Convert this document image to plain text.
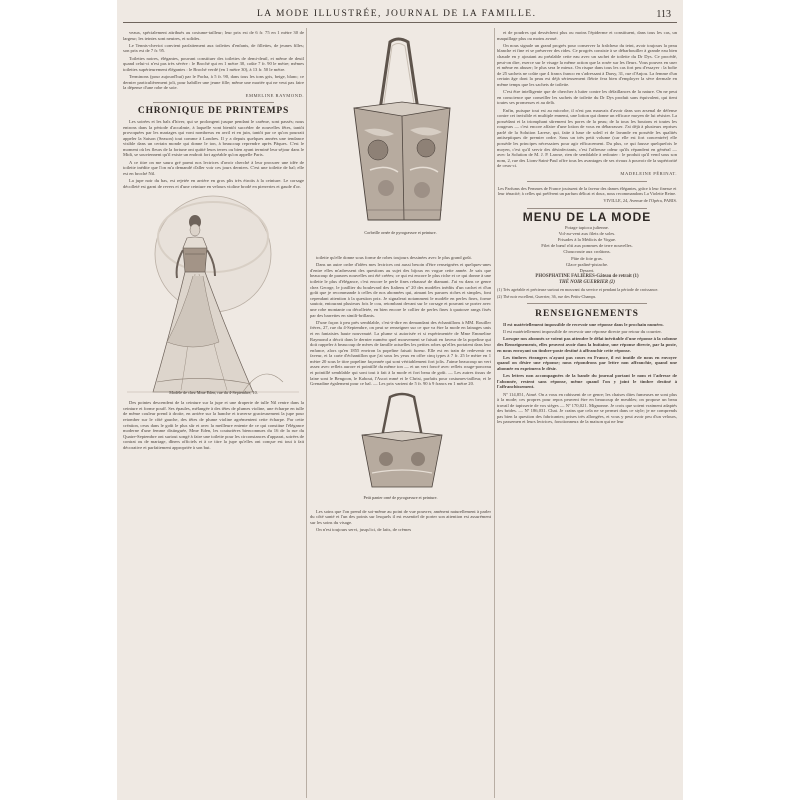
LA MODE ILLUSTRÉE, JOURNAL DE LA FAMILLE.	113

veaux, spécialement attribués au costume-tailleur; leur prix est de 6 fr. 75 en 1 mètre 30 de largeur; les teintes sont neutres, et solides.

Le Tennis-cheviot convient parfaitement aux toilettes d'enfants, de fillettes, de jeunes filles; son prix est de 7 fr. 95.

Toilettes noires, élégantes, pouvant constituer des toilettes de demi-deuil, et même de deuil quand celui-ci n'est pas très sévère : le Broché qui en 1 mètre 30, coûte 7 fr. 90 le mètre; mêmes toilettes supérieurement élégantes : le Broché verdé (en 1 mètre 30), à 13 fr. 50 le mètre.

Terminons (pour aujourd'hui) par le Pacha, à 5 fr. 90, dans tous les tons gris, beige, blanc; ce dernier particulièrement joli, pour habiller une jeune fille; même une mariée qui ne veut pas faire la dépense d'une robe de soie.

EMMELINE RAYMOND.
CHRONIQUE DE PRINTEMPS

Les soirées et les bals d'hiver, qui se prolongent jusque pendant le carême, sont passés; nous entrons dans la période d'accalmie, à laquelle vont bientôt succéder de nouvelles fêtes, tantôt provoquées par les mariages qui vont nombreux en avril et en juin, tantôt par ce qu'on pourrait appeler la Saison (Season) tout comme à Londres. Il y a depuis quelques années une tendance visible dans un certain monde qui donne le ton, à beaucoup reprendre après Pâques. C'est le moment où les fleurs de la fortune ont quitté leurs terres ou bien ayant terminé leur séjour dans le Midi, se souviennent qu'il existe un endroit fort agréable qu'on appelle Paris.

A ce titre on me saura gré parmi nos lectrices d'avoir cherché à leur procurer une idée de toilette inédite que l'on m'a demandé d'aller voir ces jours derniers. C'est une toilette de bal; elle est en broché Nil.

La jupe noir du bas, est rejetée en arrière en gros plis très étroits à la ceinture. Le corsage décolleté est garni de revers et d'une ceinture en velours violine brodé en pierreries et gaude d'or.

Modèle de chez Mme Eden, rue du 4-Septembre, 10.

Des pointes descendent de la ceinture sur la jupe et une draperie de tulle Nil rentre dans la ceinture et forme pouff. Ses épaules, mélangée à des têtes de plumes violine, une écharpe en tulle de même couleur prend à droite, en arrière sur la hanche et traverse gracieusement la jupe pour retomber sur le côté gauche, des têtes de plume violine agrémentent cette écharpe. Par cette création, ceux dans le goût le plus sûr et avec la meilleure entente de ce qui constitue l'élégance moderne d'une femme distinguée, Mme Eden, les couturières bienconnues du 16 de la rue du Quatre-Septembre ont surtout songé à faire une toilette pour les circonstances d'apparat, soirées de contrat ou de mariage, dîners officiels et à ce titre la jupe qu'elles ont conçue est tout à fait décorative et parfaitement appropriée à son but.

Corbeille ornée de pyrogravure et peinture.

toilette qu'elle donne sous forme de robes toujours dessinées avec le plus grand goût.

Dans un autre ordre d'idées mes lectrices ont aussi besoin d'être renseignées et quelques-unes d'entre elles m'adressent des questions au sujet des bijoux en vogue cette année. Je sais que beaucoup de parures nouvelles ont été créées; ce qui est encore le plus riche et ce qui donne à une toilette le plus d'élégance, c'est encore le perle fines rehaussé de diamant. J'ai vu dans ce genre chez George, le joaillier du boulevard des Italiens nº 20 des modèles inédits d'un cachet et d'un goût que je recommande à celles de nos abonnées qui, aimant les parures riches et simples, font cependant attention à la question prix. Je signalerai notamment le modèle en perles fines, forme sautoir, entourant plusieurs fois le cou, retombant devant sur le corsage et pouvant se porter avec une robe montante ou décolletée, en bien encore le collier de perles fines à quatorze rangs fixés par des barrettes en simili-brillants.

D'une façon à peu près semblable, c'est-à-dire en demandant des échantillons à MM. Rouiller frères, 27, rue du 4-Septembre, on peut se renseigner sur ce que va être la mode en lainages unis et en fantaisies haute nouveauté. La plume si autorisée et si expérimentée de Mme Emmeline Raymond a décrit dans le dernier numéro quel mouvement se faisait en faveur de la popeline qui doit rappeler à beaucoup de mères de famille actuelles les petites robes qu'elles portaient dans leur enfance, alors qu'en 1855 environ la popeline faisait fureur. Elle est en train de redevenir en faveur, et la carte d'échantillon que j'ai sous les yeux en offre cinq types à 7 fr. 25 le mètre en 1 mètre 20 sous le titre popeline façonnée qui sont véritablement fort jolis. J'aime beaucoup un vert assez avec reflets aurore et pointillé du même ton — et un vert foncé avec reflets rouge-ponceau et pointillé semblable qui sont tout à fait à la mode et fort beau de goût. — Les autres tissus de laine sont le Bengoon, le Kabout, l'Ascot mmé et le Christ, parfaits pour costumes-tailleur, et le Grenadine également pour ce bal. — Les prix varient de 5 fr. 90 à 9 francs en 1 mètre 20.

Petit panier orné de pyrogravure et peinture.

Les soins que l'on prend de soi-même au point de vue pouvrer, amènent naturellement à parler du côté santé et l'un des points sur lesquels il est essentiel de porter son attention est assurément sur les soins du visage.

On n'est toujours servi, jusqu'ici, de laits, de crèmes

et de poudres qui dessèchent plus ou moins l'épiderme et constituent, dans tous les cas, un maquillage plus ou moins avoué.

On nous signale un grand progrès pour conserver la fraîcheur du teint, avoir toujours la peau blanche et fine et se préserver des rides. Ce progrès consiste à se débarbouiller à grande eau bien chaude en y ajoutant au préalable cette eau avec un sachet de toilette du Dr Dys. Ce procédé, peut-on dire, exerce sur le visage la même action que la rosée sur les fleurs. Vous pouvez en user et même en abuser; le plus sera le mieux. On risque dans tous les cas fort peu d'essayer : la boîte de 25 sachets ne coûte que 4 francs franco en s'adressant à Darsy, 31, rue d'Anjou. La femme d'un certain âge dont la peau est déjà sérieusement flétrie fera bien d'employer la sève dermale en même temps que les sachets de toilette.

C'est être intelligente que de chercher à lutter contre les défaillances de la nature. On ne peut en conscience que conseiller les sachets de toilette du Dr Dys produit sans équivalent, qui tient toutes ses promesses et au delà.

Enfin, puisque tout est au microbe, il n'est pas mauvais d'avoir dans son arsenal de défense contre cet invisible et multiple ennemi, une lotion qui donne un efficace moyen de lui résister. La possédant et la triomphant sûrement les pores de la peau; de la toux les boutons et toutes les rougeurs — c'est encore affaire d'une lotion de vous en débarrasser. J'ai déjà à plusieurs reprises parlé de la Solution Larese, qui, faite à base de soleil et de lavande en possède les qualités antiseptiques de premier ordre. Sous un très petit volume (car elle est fort concentrée) elle possède les principes nécessaires pour agir efficacement. Du plus, ce qui fausse quelquefois le moyen, c'est qu'il servir des désinfectants, c'est l'affreuse odeur qu'ils répandent en général — avec la Solution de M. J. P. Larose, rien de semblable à redouter : le produit qu'il vend sous son nom, 2, rue des Lions-Saint-Paul offre tous les avantages de ses rivaux à pouvoir de la supériorité de ceux-ci.

MADELEINE PÉRINAT.

Les Parfums des Femmes de France jouissent de la faveur des dames élégantes, grâce à leur finesse et leur ténacité; à celles qui préfèrent un parfum délicat et doux, nous recommandons La Violette Reine.

VIVILLE, 24, Avenue de l'Opéra, PARIS.
MENU DE LA MODE
Potage tapioca julienne.
Vol-au-vent aux filets de soles.
Frisades à la Médicis de Vogue.
Filet de bœuf rôti aux pommes de terre nouvelles.
Choucroute aux croûtons.
Pâte de foie gras.
Glace praliné-pistache.
Dessert.
PHOSPHATINE FALIÈRES-Gâteau de retrait (1)
THÉ NOIR GUERRIER (2)
(1) Très agréable et précieuse surtout en mouvant du service et pendant la période de croissance.
(2) Thé noir excellent, Guerrier, 36, rue des Petits-Champs.
RENSEIGNEMENTS

Il est matériellement impossible de recevoir une réponse dans le prochain numéro.

Il est matériellement impossible de recevoir une réponse directe par retour du courrier.

Lorsque nos abonnés se voient pas attendre le délai inévitable d'une réponse à la colonne des Renseignements, elles peuvent avoir dans la huitaine, une réponse directe, par la poste, en nous envoyant un timbre-poste destiné à affranchir cette réponse.

Les timbres étrangers n'ayant pas cours en France, il est inutile de nous en envoyer quand on désire une réponse; nous répondrons par lettre non affranchie, quand une abonnée en exprimera le désir.

Les lettres non accompagnées de la bande du journal portant le nom et l'adresse de l'abonnée, restent sans réponse, même quand l'on y joint le timbre destiné à l'affranchissement.

Nº 114,851, Aimé. On a vous en rabissent de ce genre; les chaises dites fumeuses ne sont plus à la mode; ces propres pour repos peuvent être en beaucoup de meubles; on propose un beau travail de tapisserie de vos sièges — Nº 170,021. Mignonne. Je crois que soient vraiment adaptés des brides. — Nº 186,031. Chat. Je crains que cela ne se permet dans ce style; je ne comprends pas bien la question des fabricantes; prises très allongées, et vous y peut avoir peu d'un velours, les passemen et leurs lectrices, fonctionneux de la maison qui ne leur
